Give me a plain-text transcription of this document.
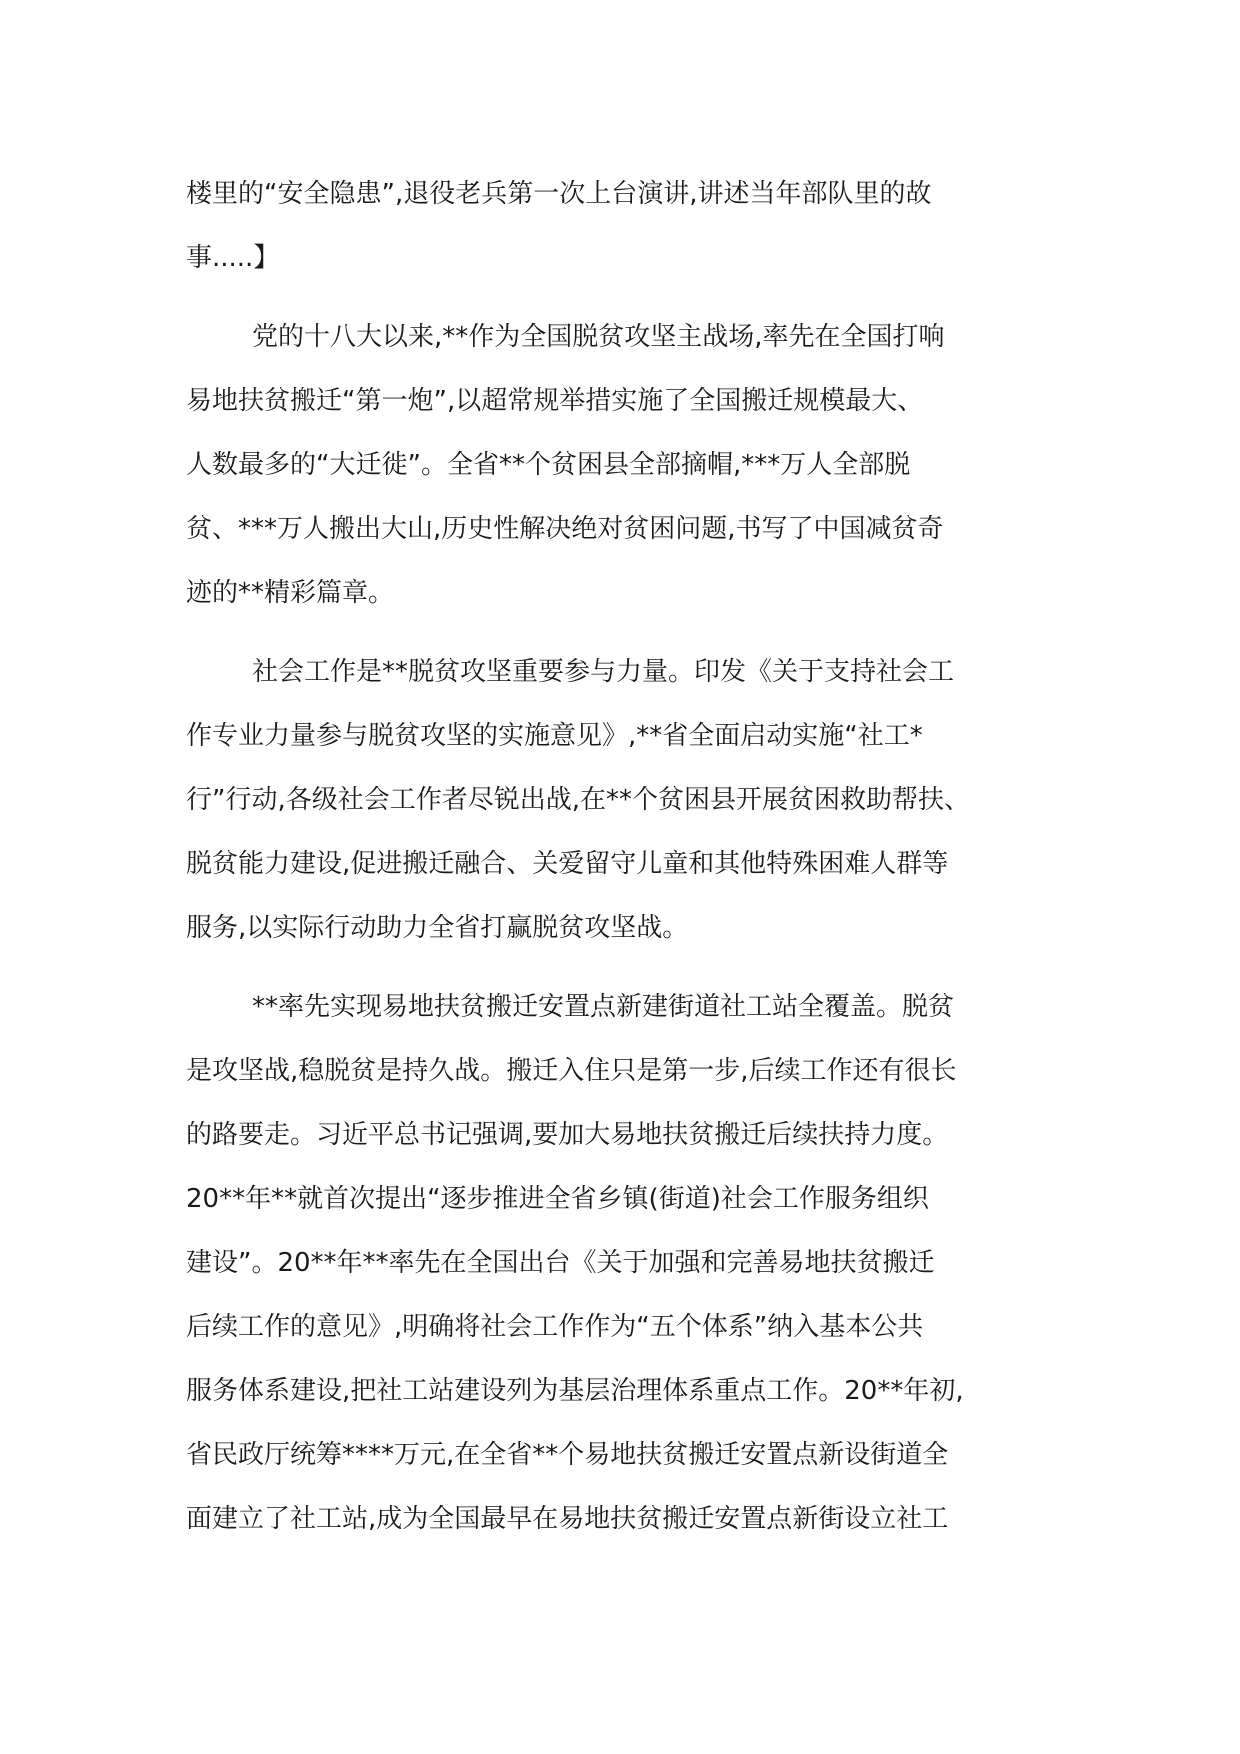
楼里的“安全隐患”,退役老兵第一次上台演讲,讲述当年部队里的故
事.....】
党的十八大以来,**作为全国脱贫攻坚主战场,率先在全国打响
易地扶贫搬迁“第一炮”,以超常规举措实施了全国搬迁规模最大、
人数最多的“大迁徙”。全省**个贫困县全部摘帽,***万人全部脱
贫、***万人搬出大山,历史性解决绝对贫困问题,书写了中国减贫奇
迹的**精彩篇章。
社会工作是**脱贫攻坚重要参与力量。印发《关于支持社会工
作专业力量参与脱贫攻坚的实施意见》,**省全面启动实施“社工*
行”行动,各级社会工作者尽锐出战,在**个贫困县开展贫困救助帮扶、
脱贫能力建设,促进搬迁融合、关爱留守儿童和其他特殊困难人群等
服务,以实际行动助力全省打赢脱贫攻坚战。
**率先实现易地扶贫搬迁安置点新建街道社工站全覆盖。脱贫
是攻坚战,稳脱贫是持久战。搬迁入住只是第一步,后续工作还有很长
的路要走。习近平总书记强调,要加大易地扶贫搬迁后续扶持力度。
20**年**就首次提出“逐步推进全省乡镇(街道)社会工作服务组织
建设”。20**年**率先在全国出台《关于加强和完善易地扶贫搬迁
后续工作的意见》,明确将社会工作作为“五个体系”纳入基本公共
服务体系建设,把社工站建设列为基层治理体系重点工作。20**年初,
省民政厅统筹****万元,在全省**个易地扶贫搬迁安置点新设街道全
面建立了社工站,成为全国最早在易地扶贫搬迁安置点新街设立社工
